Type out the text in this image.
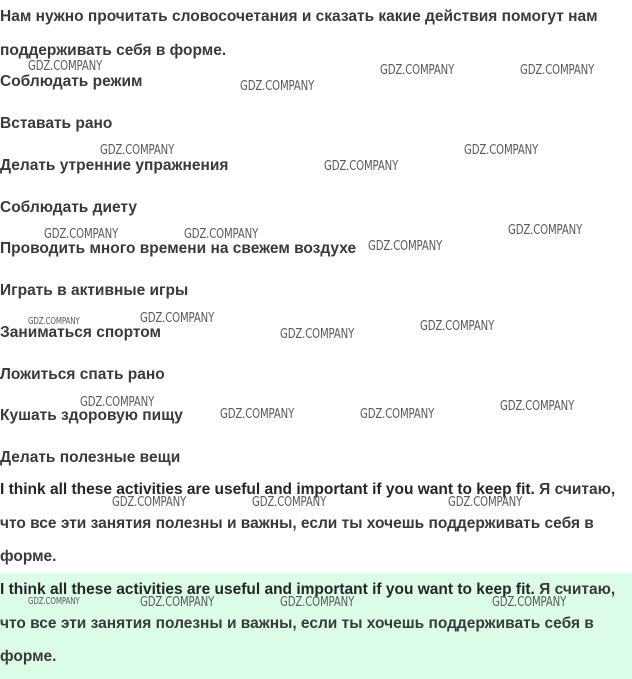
Нам нужно прочитать словосочетания и сказать какие действия помогут нам поддерживать себя в форме.
Соблюдать режим
Вставать рано
Делать утренние упражнения
Соблюдать диету
Проводить много времени на свежем воздухе
Играть в активные игры
Заниматься спортом
Ложиться спать рано
Кушать здоровую пищу
Делать полезные вещи
I think all these activities are useful and important if you want to keep fit. Я считаю, что все эти занятия полезны и важны, если ты хочешь поддерживать себя в форме.
I think all these activities are useful and important if you want to keep fit. Я считаю, что все эти занятия полезны и важны, если ты хочешь поддерживать себя в форме.
GDZ.COMPANY	GDZ.COMPANY	GDZ.COMPANY
GDZ.COMPANY
GDZ.COMPANY	GDZ.COMPANY
GDZ.COMPANY
GDZ.COMPANY	GDZ.COMPANY	GDZ.COMPANY
GDZ.COMPANY
GDZ.COMPANY	GDZ.COMPANY
GDZ.COMPANY
GDZ.COMPANY
GDZ.COMPANY	GDZ.COMPANY
GDZ.COMPANY	GDZ.COMPANY
GDZ.COMPANY	GDZ.COMPANY	GDZ.COMPANY
GDZ.COMPANY	GDZ.COMPANY	GDZ.COMPANY	GDZ.COMPANY
